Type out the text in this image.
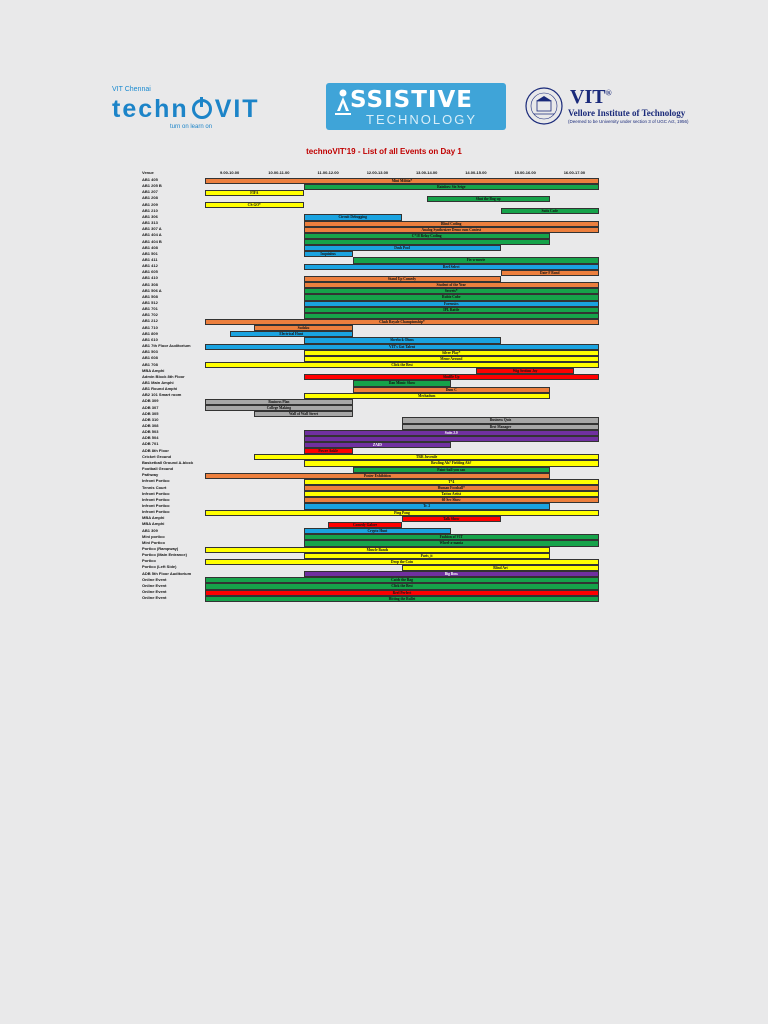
VIT Chennai
techn VIT
turn on learn on
SSISTIVE
TECHNOLOGY
VIT®
Vellore Institute of Technology
(Deemed to be University under section 3 of UGC Act, 1956)
technoVIT'19 - List of all Events on Day 1
Venue	9.00-10.00	10.00-11.00	11.00-12.00	12.00-13.00	13.00-14.00	14.00-15.00	15.00-16.00	16.00-17.00
AB1 405	Mini Militia*
AB1 205 B	Rainbow Six Seige
AB1 207	FIFA
AB1 208	Shut the Bug up
AB1 209	CS:GO*
AB1 210	Suits Code
AB1 306	Circuit Debugging
AB1 313	Blind Coding
AB1 307 A	Analog Synthesizer Demo cum Contest
AB1 404 A	C*18 Relay Coding
AB1 404 B
AB1 408	Dosh Pool
AB1 501	Inquisitus
AB1 411	Fix-a-movie
AB1 412	Reel Select
AB1 605	Date-F Bond
AB1 410	Stand Up Comedy
AB1 308	Student of the Year
AB1 506 A	Secrets*
AB1 508	Rubix Cube
AB1 512	Forensics
AB1 701	IPL Rattle
AB1 702
AB1 212	Clash Royale Championship*
AB1 710	Sudoku
AB1 809	Electrical Hunt
AB1 610	Sherlock Ohms
AB1 7th Floor Auditorium	VIT's Got Talent
AB1 503	Silver Play*
AB1 608	Meme Around
AB1 708	Click the Best
MBA Amphi	Wig Section Joy
Admin Block 8th Floor	Shuffle Up
AB1 Main Amphi	Dan Mimic Show
AB1 Round Amphi	Dum C
AB2 101 Smart room	Mechadum
ADB 309	Business Plan
ADB 307	College Making
ADB 305	Wall of Wall Street
ADB 310	Business Quiz
ADB 308	Best Manager
ADB 503	Suits 2.0
ADB 504
ADB 701	ZAID
ADB 8th Floor	Power Ankle
Cricket Ground	TRR Juvenile
Basketball Ground A-block	Bowling Ah? Fielding Ah?
Football Ground	Paint-ball you can
Pathway	Poster Exhibition
Infront Portico	T*4
Tennis Court	Human Foosball*
Infront Portico	Tattoo Artist
Infront Portico	60 Sec Show
Infront Portico	Tr. 2
Infront Portico	Ping Pong
MBA Amphi	Talk Show
MBA Amphi	Comedy Galore
AB1 309	Crypto Hunt
Mini portico	Fashion of VIT
Mini Portico	Wheel-a-mania
Portico (Rampway)	Muscle Bands
Portico (Main Entrance)	Paris_it
Portico	Drop the Coin
Portico (Left Side)	Blind Art
ADB 5th Floor Auditorium	Big Boss
Online Event	Catch the Bag
Online Event	Click the Best
Online Event	Reel Perfect
Online Event	Hitting the Bullet
